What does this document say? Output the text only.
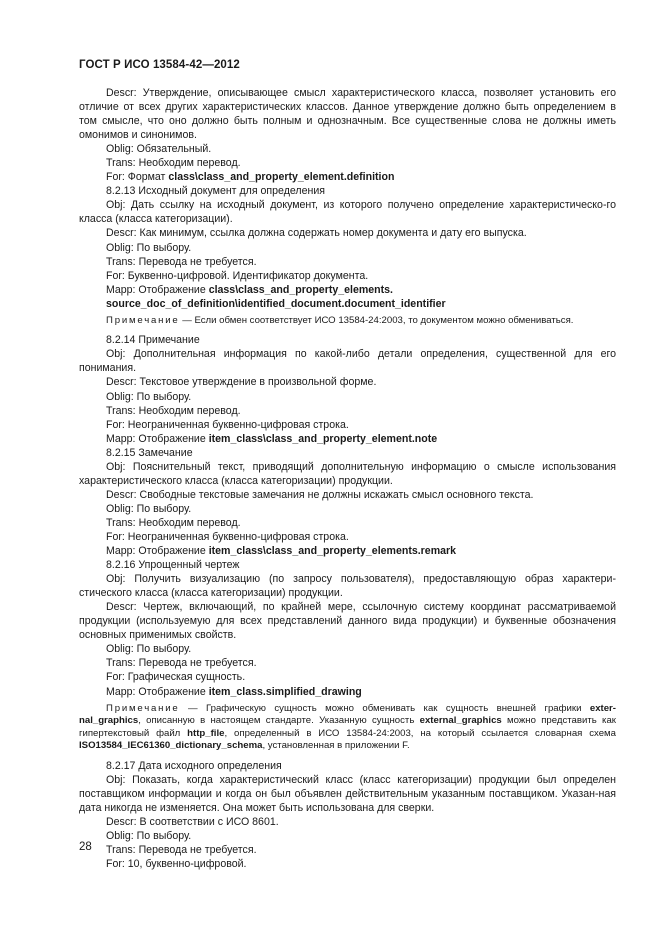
ГОСТ Р ИСО 13584-42—2012
Descr: Утверждение, описывающее смысл характеристического класса, позволяет установить его отличие от всех других характеристических классов. Данное утверждение должно быть определением в том смысле, что оно должно быть полным и однозначным. Все существенные слова не должны иметь омонимов и синонимов.
Oblig: Обязательный.
Trans: Необходим перевод.
For: Формат class\class_and_property_element.definition
8.2.13 Исходный документ для определения
Obj: Дать ссылку на исходный документ, из которого получено определение характеристическо-го класса (класса категоризации).
Descr: Как минимум, ссылка должна содержать номер документа и дату его выпуска.
Oblig: По выбору.
Trans: Перевода не требуется.
For: Буквенно-цифровой. Идентификатор документа.
Mapp: Отображение class\class_and_property_elements.
source_doc_of_definition\identified_document.document_identifier
Примечание — Если обмен соответствует ИСО 13584-24:2003, то документом можно обмениваться.
8.2.14 Примечание
Obj: Дополнительная информация по какой-либо детали определения, существенной для его понимания.
Descr: Текстовое утверждение в произвольной форме.
Oblig: По выбору.
Trans: Необходим перевод.
For: Неограниченная буквенно-цифровая строка.
Mapp: Отображение item_class\class_and_property_element.note
8.2.15 Замечание
Obj: Пояснительный текст, приводящий дополнительную информацию о смысле использования характеристического класса (класса категоризации) продукции.
Descr: Свободные текстовые замечания не должны искажать смысл основного текста.
Oblig: По выбору.
Trans: Необходим перевод.
For: Неограниченная буквенно-цифровая строка.
Mapp: Отображение item_class\class_and_property_elements.remark
8.2.16 Упрощенный чертеж
Obj: Получить визуализацию (по запросу пользователя), предоставляющую образ характери-стического класса (класса категоризации) продукции.
Descr: Чертеж, включающий, по крайней мере, ссылочную систему координат рассматриваемой продукции (используемую для всех представлений данного вида продукции) и буквенные обозначения основных применимых свойств.
Oblig: По выбору.
Trans: Перевода не требуется.
For: Графическая сущность.
Mapp: Отображение item_class.simplified_drawing
Примечание — Графическую сущность можно обменивать как сущность внешней графики exter-nal_graphics, описанную в настоящем стандарте. Указанную сущность external_graphics можно представить как гипертекстовый файл http_file, определенный в ИСО 13584-24:2003, на который ссылается словарная схема ISO13584_IEC61360_dictionary_schema, установленная в приложении F.
8.2.17 Дата исходного определения
Obj: Показать, когда характеристический класс (класс категоризации) продукции был определен поставщиком информации и когда он был объявлен действительным указанным поставщиком. Указан-ная дата никогда не изменяется. Она может быть использована для сверки.
Descr: В соответствии с ИСО 8601.
Oblig: По выбору.
Trans: Перевода не требуется.
For: 10, буквенно-цифровой.
28
